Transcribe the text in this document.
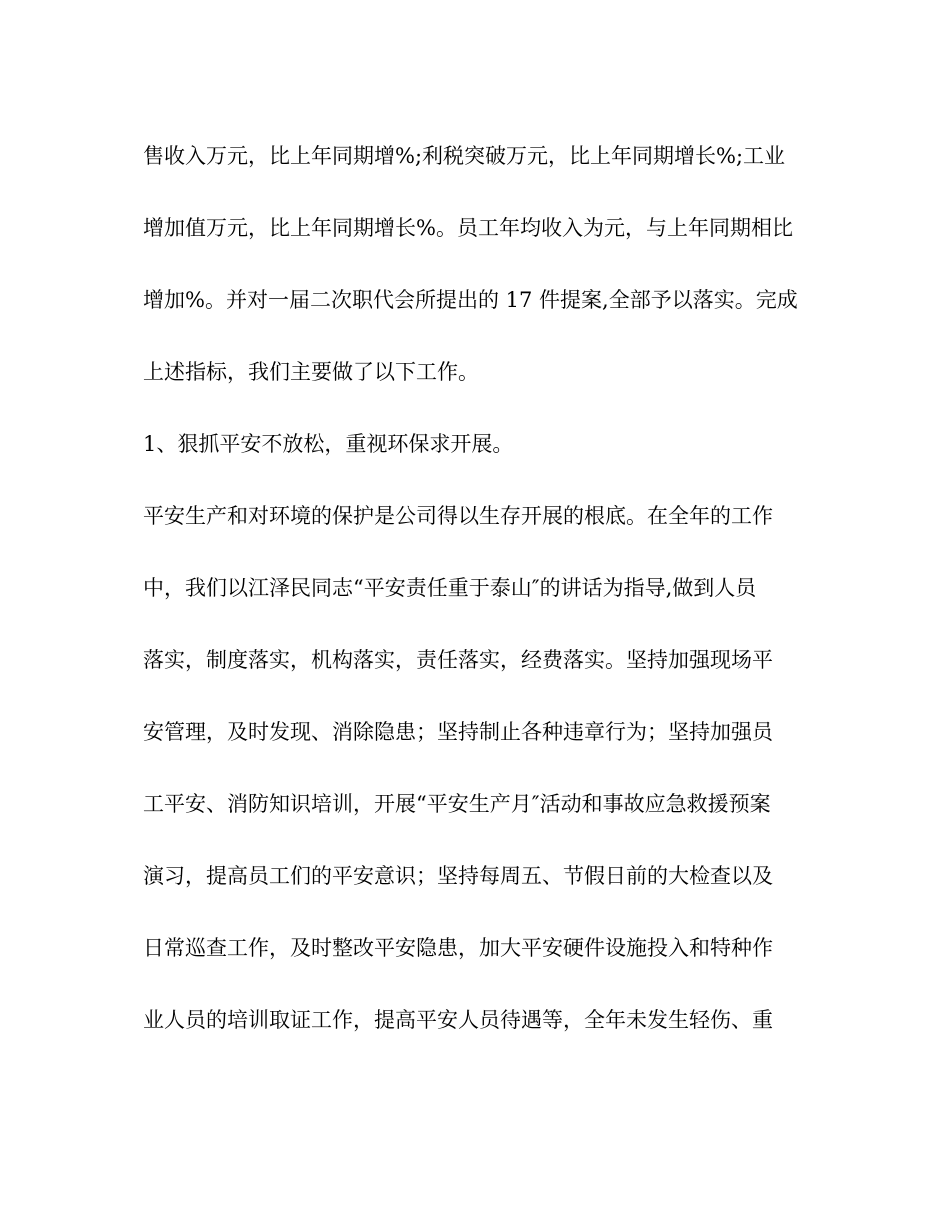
售收入万元，比上年同期增%;利税突破万元，比上年同期增长%;工业
增加值万元，比上年同期增长%。员工年均收入为元，与上年同期相比
增加%。并对一届二次职代会所提出的 17 件提案,全部予以落实。完成
上述指标，我们主要做了以下工作。
1、狠抓平安不放松，重视环保求开展。
平安生产和对环境的保护是公司得以生存开展的根底。在全年的工作
中，我们以江泽民同志“平安责任重于泰山″的讲话为指导,做到人员
落实，制度落实，机构落实，责任落实，经费落实。坚持加强现场平
安管理，及时发现、消除隐患；坚持制止各种违章行为；坚持加强员
工平安、消防知识培训，开展“平安生产月″活动和事故应急救援预案
演习，提高员工们的平安意识；坚持每周五、节假日前的大检查以及
日常巡查工作，及时整改平安隐患，加大平安硬件设施投入和特种作
业人员的培训取证工作，提高平安人员待遇等，全年未发生轻伤、重
